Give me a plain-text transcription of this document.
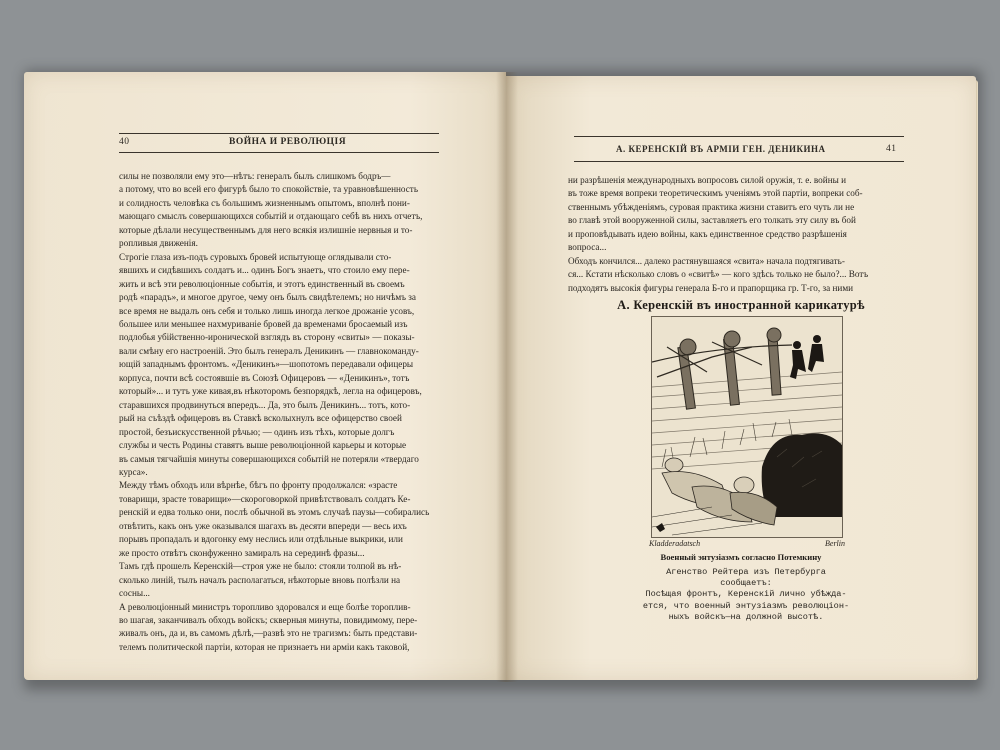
40	ВОЙНА И РЕВОЛЮЦIЯ
силы не позволяли ему это—нѣтъ: генералъ былъ слишкомъ бодръ—
а потому, что во всей его фигурѣ было то спокойствiе, та уравновѣшенность
и солидность человѣка съ большимъ жизненнымъ опытомъ, вполнѣ пони-
мающаго смыслъ совершающихся событiй и отдающаго себѣ въ нихъ отчетъ,
которые дѣлали несущественнымъ для него всякiя излишнiе нервныя и то-
ропливыя движенiя.
Строгiе глаза изъ-подъ суровыхъ бровей испытующе оглядывали сто-
явшихъ и сидѣвшихъ солдатъ и... одинъ Богъ знаетъ, что стоило ему пере-
жить и всѣ эти революцiонные событiя, и этотъ единственный въ своемъ
родѣ «парадъ», и многое другое, чему онъ былъ свидѣтелемъ; но ничѣмъ за
все время не выдалъ онъ себя и только лишь иногда легкое дрожанiе усовъ,
большее или меньшее нахмуриванiе бровей да временами бросаемый изъ
подлобья убiйственно-иронической взглядъ въ сторону «свиты» — показы-
вали смѣну его настроенiй. Это былъ генералъ Деникинъ — главнокоманду-
ющiй западнымъ фронтомъ. «Деникинъ»—шопотомъ передавали офицеры
корпуса, почти всѣ состоявшiе въ Союзѣ Офицеровъ — «Деникинъ», тотъ
который»... и тутъ уже кивая,въ нѣкоторомъ безпорядкѣ, легла на офицеровъ,
старавшихся продвинуться впередъ... Да, это былъ Деникинъ... тотъ, кото-
рый на съѣздѣ офицеровъ въ Ставкѣ всколыхнулъ все офицерство своей
простой, безъискусственной рѣчью; — одинъ изъ тѣхъ, которые долгъ
службы и честь Родины ставятъ выше революцiонной карьеры и которые
въ самыя тягчайшiя минуты совершающихся событiй не потеряли «твердаго
курса».
Между тѣмъ обходъ или вѣрнѣе, бѣгъ по фронту продолжался: «зрасте
товарищи, зрасте товарищи»—скороговоркой привѣтствовалъ солдатъ Ке-
ренскiй и едва только они, послѣ обычной въ этомъ случаѣ паузы—собирались
отвѣтить, какъ онъ уже оказывался шагахъ въ десяти впереди — весь ихъ
порывъ пропадалъ и вдогонку ему неслись или отдѣльные выкрики, или
же просто отвѣтъ сконфуженно замиралъ на серединѣ фразы...
Тамъ гдѣ прошелъ Керенскiй—строя уже не было: стояли толпой въ нѣ-
сколько линiй, тылъ началъ располагаться, нѣкоторые вновь полѣзли на
сосны...
А революцiонный министръ торопливо здоровался и еще болѣе тороплив-
во шагая, заканчивалъ обходъ войскъ; скверныя минуты, повидимому, пере-
живалъ онъ, да и, въ самомъ дѣлѣ,—развѣ это не трагизмъ: быть представи-
телемъ политической партiи, которая не признаетъ ни армiи какъ таковой,
А. КЕРЕНСКIЙ ВЪ АРМIИ ГЕН. ДЕНИКИНА	41
ни разрѣшенiя международныхъ вопросовъ силой оружiя, т. е. войны и
въ тоже время вопреки теоретическимъ ученiямъ этой партiи, вопреки соб-
ственнымъ убѣжденiямъ, суровая практика жизни ставитъ его чуть ли не
во главѣ этой вооруженной силы, заставляетъ его толкать эту силу въ бой
и проповѣдывать идею войны, какъ единственное средство разрѣшенiя
вопроса...
Обходъ кончился... далеко растянувшаяся «свита» начала подтягивать-
ся... Кстати нѣсколько словъ о «свитѣ» — кого здѣсь только не было?... Вотъ
подходятъ высокiя фигуры генерала Б-го и прапорщика гр. Т-го, за ними
А. Керенскiй въ иностранной карикатурѣ
Kladderadatsch	Berlin
Военный энтузiазмъ согласно Потемкину
Агенство Рейтера изъ Петербурга сообщаетъ:
Посѣщая фронтъ, Керенскiй лично убѣжда-
ется, что военный энтузiазмъ революцiон-
ныхъ войскъ—на должной высотѣ.
